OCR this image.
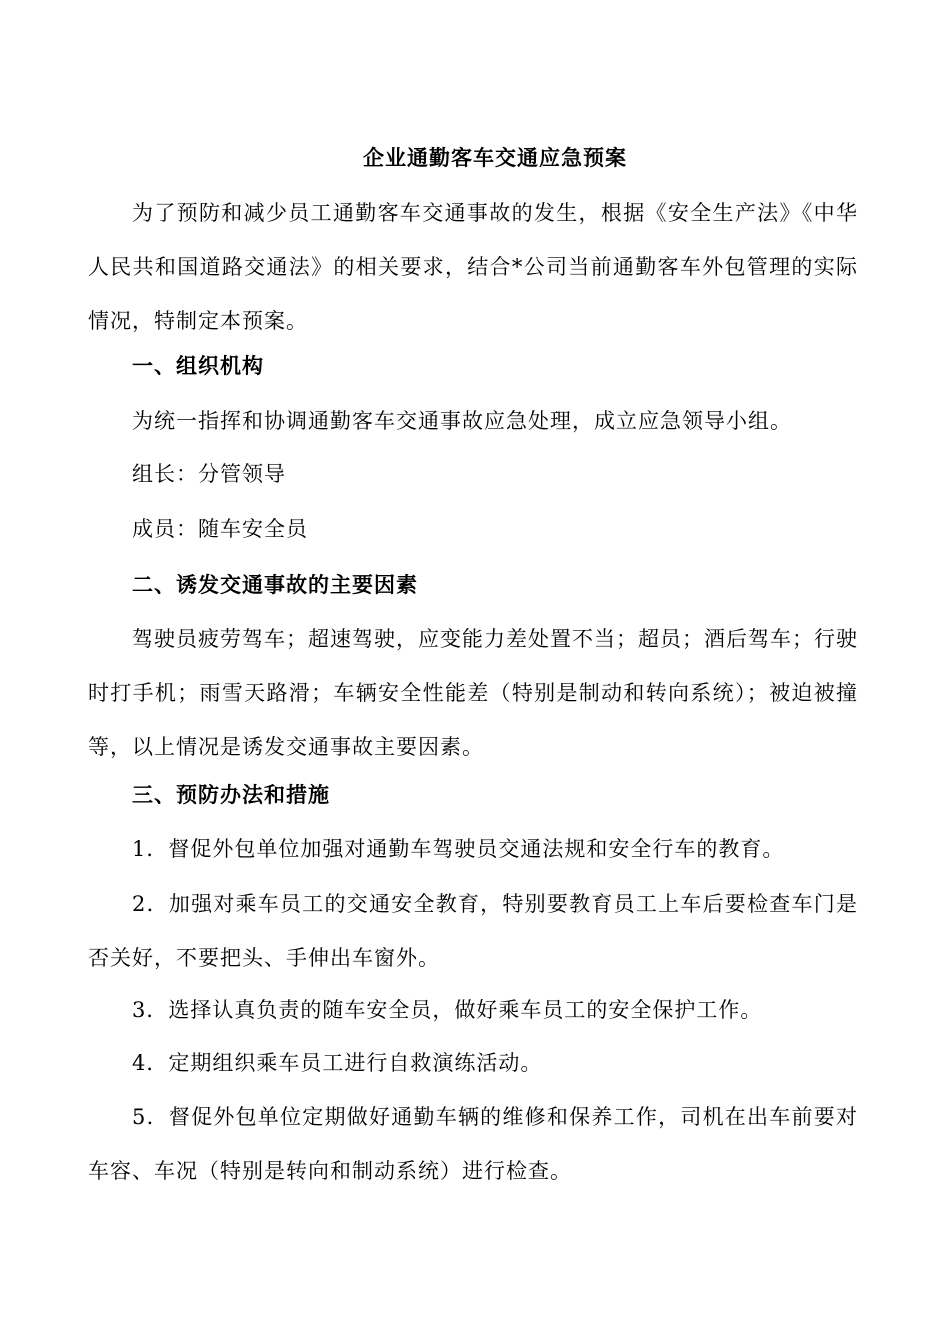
企业通勤客车交通应急预案
为了预防和减少员工通勤客车交通事故的发生，根据《安全生产法》《中华人民共和国道路交通法》的相关要求，结合*公司当前通勤客车外包管理的实际情况，特制定本预案。
一、组织机构
为统一指挥和协调通勤客车交通事故应急处理，成立应急领导小组。
组长：分管领导
成员：随车安全员
二、诱发交通事故的主要因素
驾驶员疲劳驾车；超速驾驶，应变能力差处置不当；超员；酒后驾车；行驶时打手机；雨雪天路滑；车辆安全性能差（特别是制动和转向系统）；被迫被撞等，以上情况是诱发交通事故主要因素。
三、预防办法和措施
1．督促外包单位加强对通勤车驾驶员交通法规和安全行车的教育。
2．加强对乘车员工的交通安全教育，特别要教育员工上车后要检查车门是否关好，不要把头、手伸出车窗外。
3．选择认真负责的随车安全员，做好乘车员工的安全保护工作。
4．定期组织乘车员工进行自救演练活动。
5．督促外包单位定期做好通勤车辆的维修和保养工作，司机在出车前要对车容、车况（特别是转向和制动系统）进行检查。
